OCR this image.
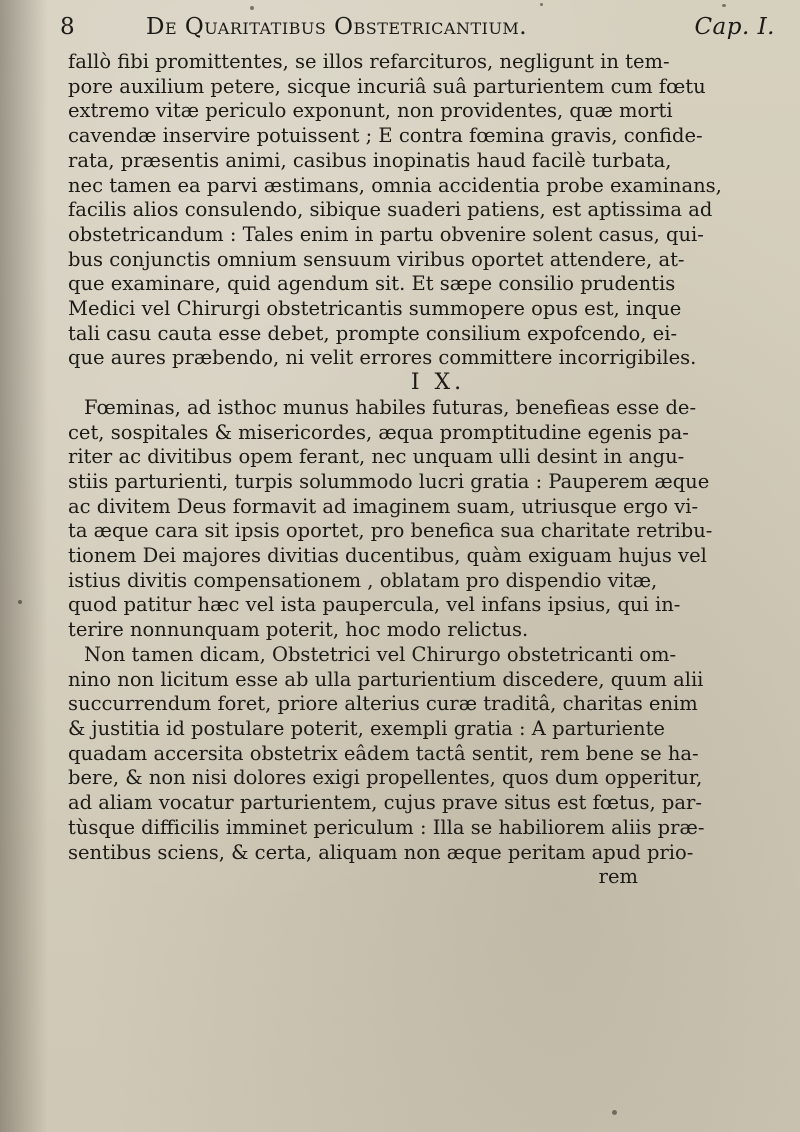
8	De Quaritatibus Obstetricantium.	Cap. I.
fallò fibi promittentes, se illos refarcituros, negligunt in tem-
pore auxilium petere, sicque incuriâ suâ parturientem cum fœtu
extremo vitæ periculo exponunt, non providentes, quæ morti
cavendæ inservire potuissent ; E contra fœmina gravis, confide-
rata, præsentis animi, casibus inopinatis haud facilè turbata,
nec tamen ea parvi æstimans, omnia accidentia probe examinans,
facilis alios consulendo, sibique suaderi patiens, est aptissima ad
obstetricandum : Tales enim in partu obvenire solent casus, qui-
bus conjunctis omnium sensuum viribus oportet attendere, at-
que examinare, quid agendum sit. Et sæpe consilio prudentis
Medici vel Chirurgi obstetricantis summopere opus est, inque
tali casu cauta esse debet, prompte consilium expofcendo, ei-
que aures præbendo, ni velit errores committere incorrigibiles.
I X.
Fœminas, ad isthoc munus habiles futuras, benefieas esse de-
cet, sospitales & misericordes, æqua promptitudine egenis pa-
riter ac divitibus opem ferant, nec unquam ulli desint in angu-
stiis parturienti, turpis solummodo lucri gratia : Pauperem æque
ac divitem Deus formavit ad imaginem suam, utriusque ergo vi-
ta æque cara sit ipsis oportet, pro benefica sua charitate retribu-
tionem Dei majores divitias ducentibus, quàm exiguam hujus vel
istius divitis compensationem , oblatam pro dispendio vitæ,
quod patitur hæc vel ista paupercula, vel infans ipsius, qui in-
terire nonnunquam poterit, hoc modo relictus.
Non tamen dicam, Obstetrici vel Chirurgo obstetricanti om-
nino non licitum esse ab ulla parturientium discedere, quum alii
succurrendum foret, priore alterius curæ traditâ, charitas enim
& justitia id postulare poterit, exempli gratia : A parturiente
quadam accersita obstetrix eâdem tactâ sentit, rem bene se ha-
bere, & non nisi dolores exigi propellentes, quos dum opperitur,
ad aliam vocatur parturientem, cujus prave situs est fœtus, par-
tùsque difficilis imminet periculum : Illa se habiliorem aliis præ-
sentibus sciens, & certa, aliquam non æque peritam apud prio-
rem
